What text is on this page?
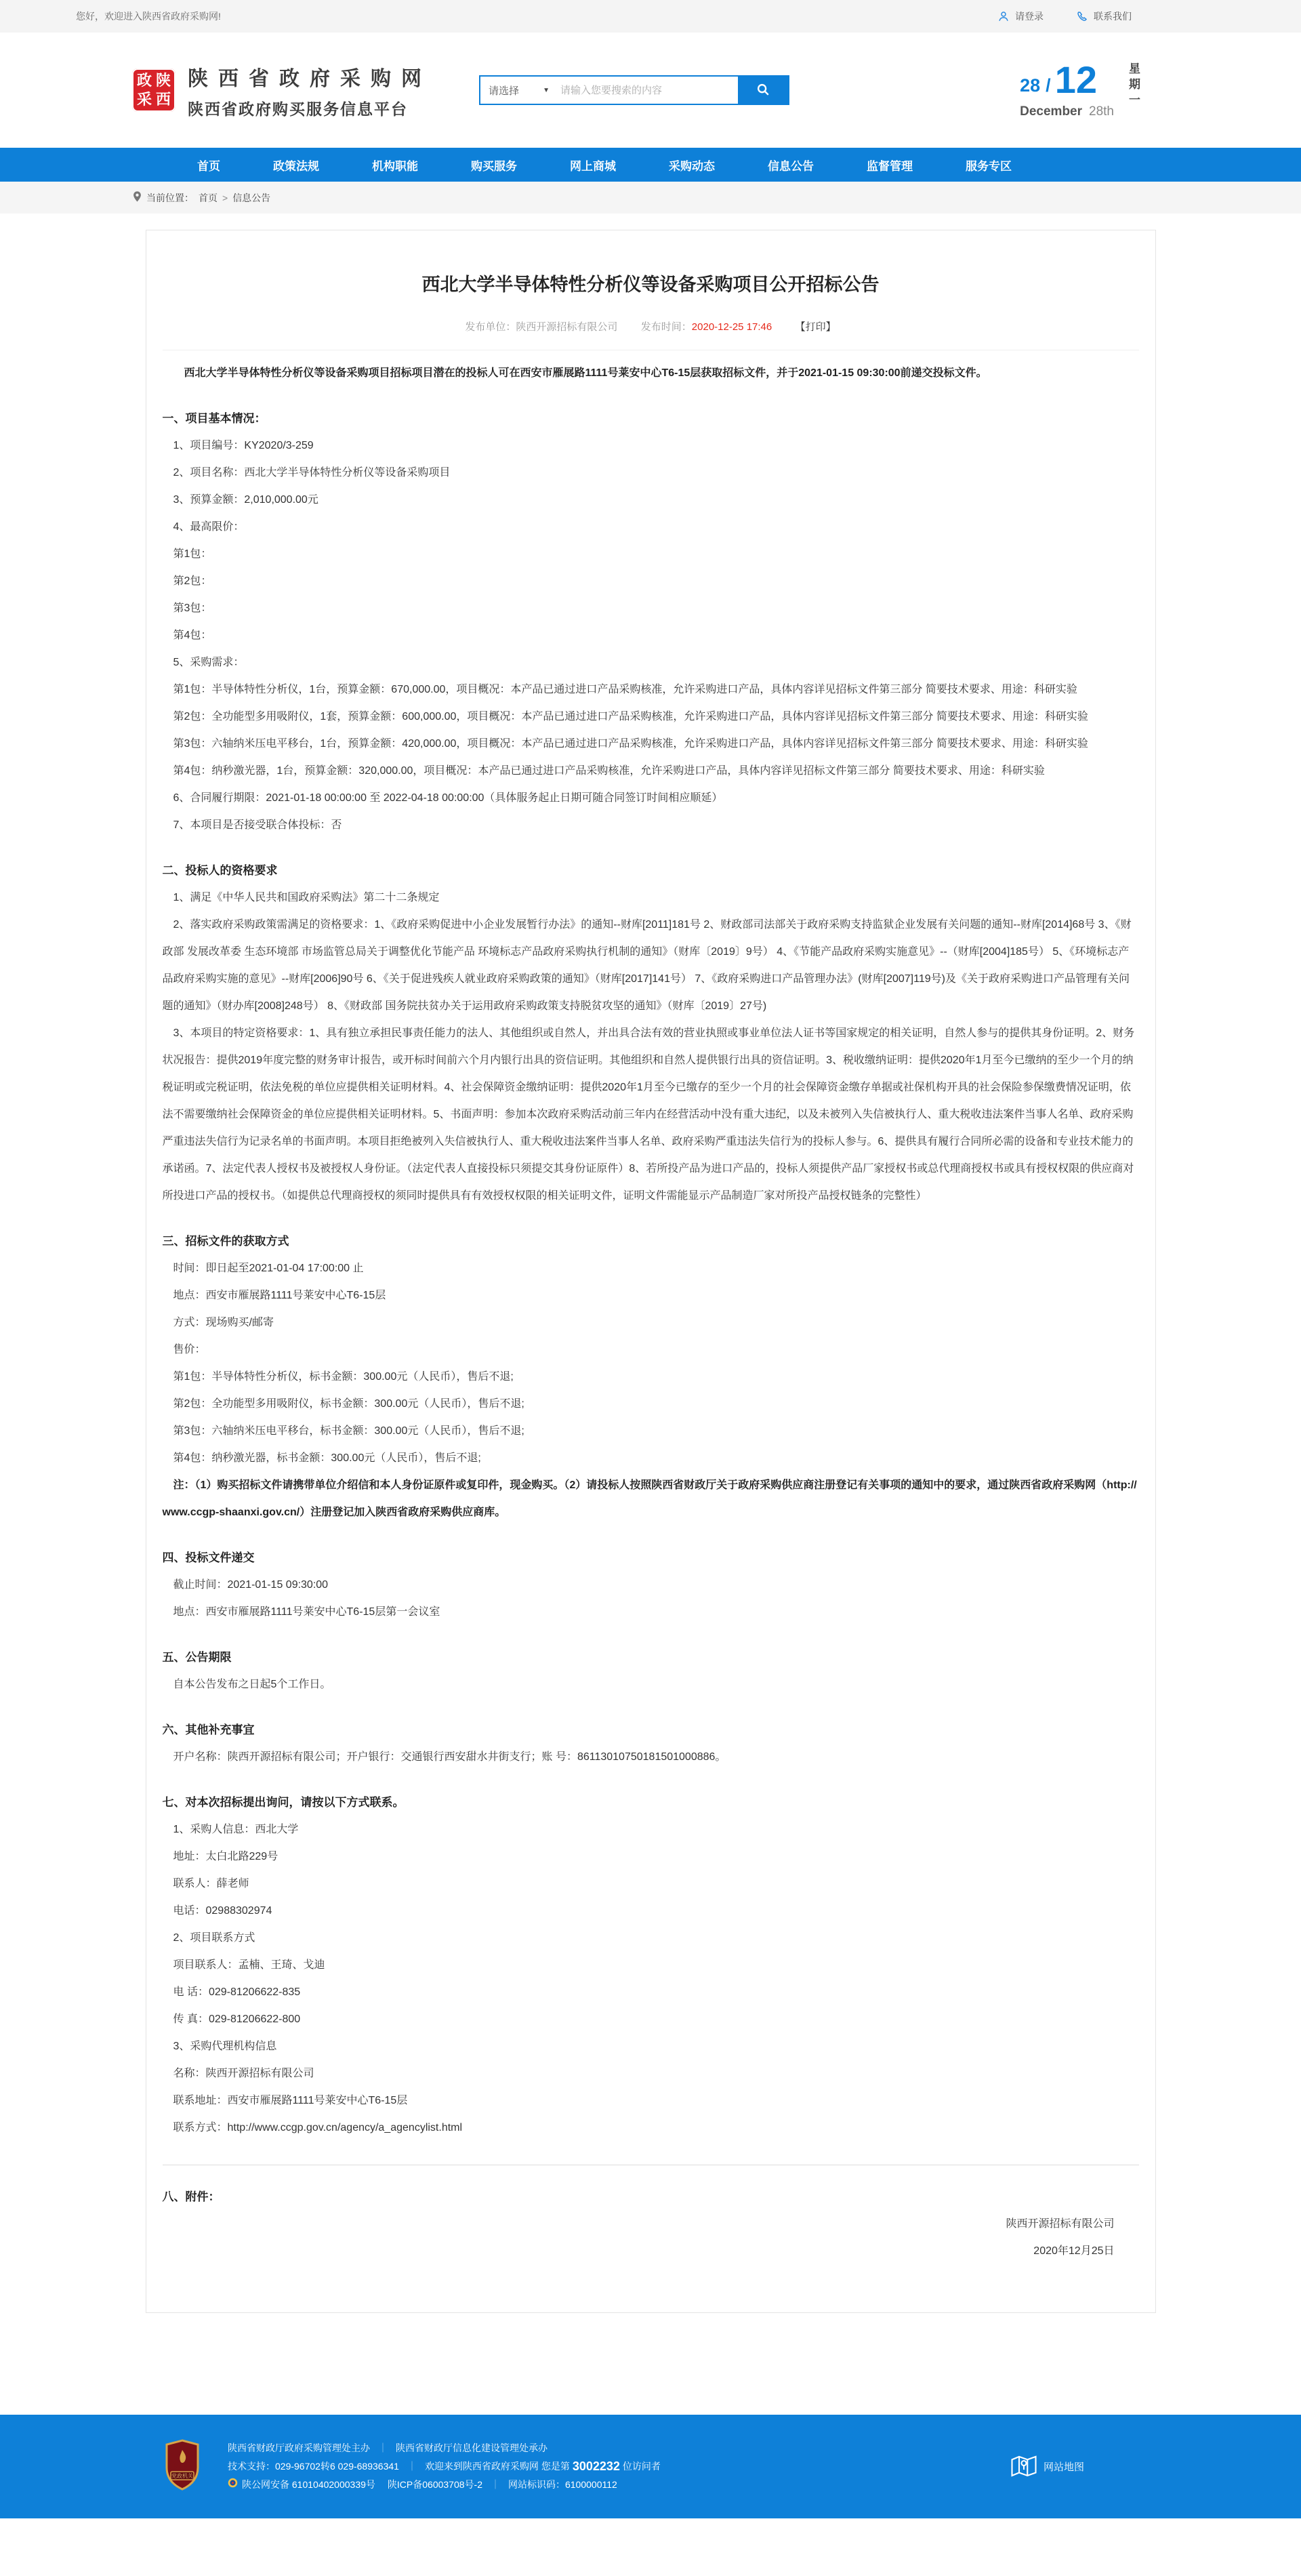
您好，欢迎进入陕西省政府采购网!	请登录	联系我们
政 陕
采 西
陕西省政府采购网
陕西省政府购买服务信息平台
请选择	▼
请输入您要搜索的内容	28 / 12
December 28th
星期一
首页	政策法规	机构职能	购买服务	网上商城	采购动态	信息公告	监督管理	服务专区
当前位置： 首页 > 信息公告
西北大学半导体特性分析仪等设备采购项目公开招标公告
发布单位：陕西开源招标有限公司 发布时间：2020-12-25 17:46 【打印】

西北大学半导体特性分析仪等设备采购项目招标项目潜在的投标人可在西安市雁展路1111号莱安中心T6-15层获取招标文件，并于2021-01-15 09:30:00前递交投标文件。

一、项目基本情况：

1、项目编号：KY2020/3-259

2、项目名称：西北大学半导体特性分析仪等设备采购项目

3、预算金额：2,010,000.00元

4、最高限价：

第1包：

第2包：

第3包：

第4包：

5、采购需求：

第1包：半导体特性分析仪，1台，预算金额：670,000.00，项目概况：本产品已通过进口产品采购核准，允许采购进口产品，具体内容详见招标文件第三部分 简要技术要求、用途：科研实验

第2包：全功能型多用吸附仪，1套，预算金额：600,000.00，项目概况：本产品已通过进口产品采购核准，允许采购进口产品，具体内容详见招标文件第三部分 简要技术要求、用途：科研实验

第3包：六轴纳米压电平移台，1台，预算金额：420,000.00，项目概况：本产品已通过进口产品采购核准，允许采购进口产品，具体内容详见招标文件第三部分 简要技术要求、用途：科研实验

第4包：纳秒激光器，1台，预算金额：320,000.00，项目概况：本产品已通过进口产品采购核准，允许采购进口产品，具体内容详见招标文件第三部分 简要技术要求、用途：科研实验

6、合同履行期限：2021-01-18 00:00:00 至 2022-04-18 00:00:00（具体服务起止日期可随合同签订时间相应顺延）

7、本项目是否接受联合体投标：否

二、投标人的资格要求

1、满足《中华人民共和国政府采购法》第二十二条规定

2、落实政府采购政策需满足的资格要求：1、《政府采购促进中小企业发展暂行办法》的通知--财库[2011]181号 2、财政部司法部关于政府采购支持监狱企业发展有关问题的通知--财库[2014]68号 3、《财政部 发展改革委 生态环境部 市场监管总局关于调整优化节能产品 环境标志产品政府采购执行机制的通知》（财库〔2019〕9号） 4、《节能产品政府采购实施意见》--（财库[2004]185号） 5、《环境标志产品政府采购实施的意见》--财库[2006]90号 6、《关于促进残疾人就业政府采购政策的通知》（财库[2017]141号） 7、《政府采购进口产品管理办法》(财库[2007]119号)及《关于政府采购进口产品管理有关问题的通知》（财办库[2008]248号） 8、《财政部 国务院扶贫办关于运用政府采购政策支持脱贫攻坚的通知》（财库〔2019〕27号)

3、本项目的特定资格要求：1、具有独立承担民事责任能力的法人、其他组织或自然人，并出具合法有效的营业执照或事业单位法人证书等国家规定的相关证明，自然人参与的提供其身份证明。2、财务状况报告：提供2019年度完整的财务审计报告，或开标时间前六个月内银行出具的资信证明。其他组织和自然人提供银行出具的资信证明。3、税收缴纳证明：提供2020年1月至今已缴纳的至少一个月的纳税证明或完税证明，依法免税的单位应提供相关证明材料。4、社会保障资金缴纳证明：提供2020年1月至今已缴存的至少一个月的社会保障资金缴存单据或社保机构开具的社会保险参保缴费情况证明，依法不需要缴纳社会保障资金的单位应提供相关证明材料。5、书面声明：参加本次政府采购活动前三年内在经营活动中没有重大违纪，以及未被列入失信被执行人、重大税收违法案件当事人名单、政府采购严重违法失信行为记录名单的书面声明。本项目拒绝被列入失信被执行人、重大税收违法案件当事人名单、政府采购严重违法失信行为的投标人参与。6、提供具有履行合同所必需的设备和专业技术能力的承诺函。7、法定代表人授权书及被授权人身份证。（法定代表人直接投标只须提交其身份证原件）8、若所投产品为进口产品的，投标人须提供产品厂家授权书或总代理商授权书或具有授权权限的供应商对所投进口产品的授权书。（如提供总代理商授权的须同时提供具有有效授权权限的相关证明文件，证明文件需能显示产品制造厂家对所投产品授权链条的完整性）

三、招标文件的获取方式

时间：即日起至2021-01-04 17:00:00 止

地点：西安市雁展路1111号莱安中心T6-15层

方式：现场购买/邮寄

售价：

第1包：半导体特性分析仪，标书金额：300.00元（人民币），售后不退;

第2包：全功能型多用吸附仪，标书金额：300.00元（人民币），售后不退;

第3包：六轴纳米压电平移台，标书金额：300.00元（人民币），售后不退;

第4包：纳秒激光器，标书金额：300.00元（人民币），售后不退;

注：（1）购买招标文件请携带单位介绍信和本人身份证原件或复印件，现金购买。（2）请投标人按照陕西省财政厅关于政府采购供应商注册登记有关事项的通知中的要求，通过陕西省政府采购网（http://www.ccgp-shaanxi.gov.cn/）注册登记加入陕西省政府采购供应商库。

四、投标文件递交

截止时间：2021-01-15 09:30:00

地点：西安市雁展路1111号莱安中心T6-15层第一会议室

五、公告期限

自本公告发布之日起5个工作日。

六、其他补充事宜

开户名称：陕西开源招标有限公司；开户银行：交通银行西安甜水井街支行；账 号：86113010750181501000886。

七、对本次招标提出询问，请按以下方式联系。

1、采购人信息：西北大学

地址：太白北路229号

联系人：薛老师

电话：02988302974

2、项目联系方式

项目联系人：孟楠、王琦、戈迪

电 话：029-81206622-835

传 真：029-81206622-800

3、采购代理机构信息

名称：陕西开源招标有限公司

联系地址：西安市雁展路1111号莱安中心T6-15层

联系方式：http://www.ccgp.gov.cn/agency/a_agencylist.html

八、附件：

陕西开源招标有限公司

2020年12月25日

党政机关
陕西省财政厅政府采购管理处主办 ｜ 陕西省财政厅信息化建设管理处承办
技术支持：029-96702转6 029-68936341 ｜ 欢迎来到陕西省政府采购网 您是第 3002232 位访问者
陕公网安备 61010402000339号 陕ICP备06003708号-2 ｜ 网站标识码：6100000112
网站地图
